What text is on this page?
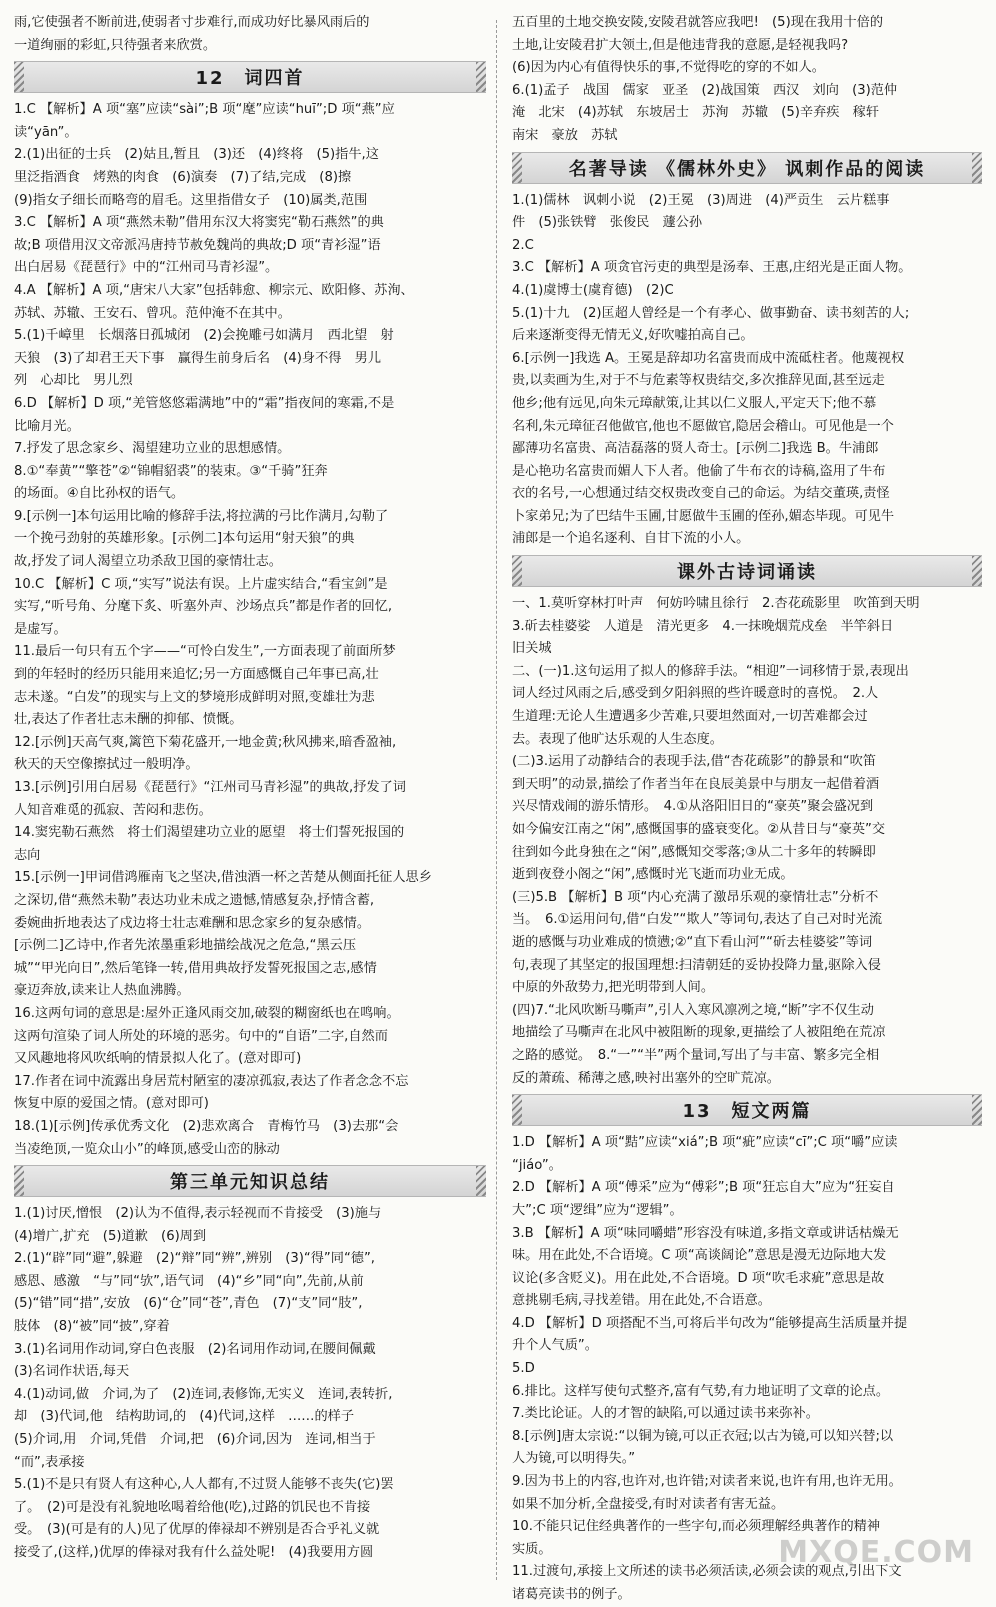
雨,它使强者不断前进,使弱者寸步难行,而成功好比暴风雨后的

一道绚丽的彩虹,只待强者来欣赏。

12　词四首

1.C 【解析】A 项“塞”应读“sài”;B 项“麾”应读“huī”;D 项“燕”应

读“yān”。

2.(1)出征的士兵　(2)姑且,暂且　(3)还　(4)终将　(5)指牛,这

里泛指酒食　烤熟的肉食　(6)演奏　(7)了结,完成　(8)擦

(9)指女子细长而略弯的眉毛。这里指借女子　(10)属类,范围

3.C 【解析】A 项“燕然未勒”借用东汉大将窦宪“勒石燕然”的典

故;B 项借用汉文帝派冯唐持节赦免魏尚的典故;D 项“青衫湿”语

出白居易《琵琶行》中的“江州司马青衫湿”。

4.A 【解析】A 项,“唐宋八大家”包括韩愈、柳宗元、欧阳修、苏洵、

苏轼、苏辙、王安石、曾巩。范仲淹不在其中。

5.(1)千嶂里　长烟落日孤城闭　(2)会挽雕弓如满月　西北望　射

天狼　(3)了却君王天下事　赢得生前身后名　(4)身不得　男儿

列　心却比　男儿烈

6.D 【解析】D 项,“羌管悠悠霜满地”中的“霜”指夜间的寒霜,不是

比喻月光。

7.抒发了思念家乡、渴望建功立业的思想感情。

8.①“奉黄”“擎苍”②“锦帽貂裘”的装束。③“千骑”狂奔

的场面。④自比孙权的语气。

9.[示例一]本句运用比喻的修辞手法,将拉满的弓比作满月,勾勒了

一个挽弓劲射的英雄形象。[示例二]本句运用“射天狼”的典

故,抒发了词人渴望立功杀敌卫国的豪情壮志。

10.C 【解析】C 项,“实写”说法有误。上片虚实结合,“看宝剑”是

实写,“听号角、分麾下炙、听塞外声、沙场点兵”都是作者的回忆,

是虚写。

11.最后一句只有五个字——“可怜白发生”,一方面表现了前面所梦

到的年轻时的经历只能用来追忆;另一方面感慨自己年事已高,壮

志未遂。“白发”的现实与上文的梦境形成鲜明对照,变雄壮为悲

壮,表达了作者壮志未酬的抑郁、愤慨。

12.[示例]天高气爽,篱笆下菊花盛开,一地金黄;秋风拂来,暗香盈袖,

秋天的天空像擦拭过一般明净。

13.[示例]引用白居易《琵琶行》“江州司马青衫湿”的典故,抒发了词

人知音难觅的孤寂、苦闷和悲伤。

14.窦宪勒石燕然　将士们渴望建功立业的愿望　将士们誓死报国的

志向

15.[示例一]甲词借鸿雁南飞之坚决,借浊酒一杯之苦楚从侧面托征人思乡

之深切,借“燕然未勒”表达功业未成之遗憾,情感复杂,抒情含蓄,

委婉曲折地表达了戍边将士壮志难酬和思念家乡的复杂感情。

[示例二]乙诗中,作者先浓墨重彩地描绘战况之危急,“黑云压

城”“甲光向日”,然后笔锋一转,借用典故抒发誓死报国之志,感情

豪迈奔放,读来让人热血沸腾。

16.这两句词的意思是:屋外正逢风雨交加,破裂的糊窗纸也在鸣响。

这两句渲染了词人所处的环境的恶劣。句中的“自语”二字,自然而

又风趣地将风吹纸响的情景拟人化了。(意对即可)

17.作者在词中流露出身居荒村陋室的凄凉孤寂,表达了作者念念不忘

恢复中原的爱国之情。(意对即可)

18.(1)[示例]传承优秀文化　(2)悲欢离合　青梅竹马　(3)去那“会

当凌绝顶,一览众山小”的峰顶,感受山峦的脉动

第三单元知识总结

1.(1)讨厌,憎恨　(2)认为不值得,表示轻视而不肯接受　(3)施与

(4)增广,扩充　(5)道歉　(6)周到

2.(1)“辟”同“避”,躲避　(2)“辩”同“辨”,辨别　(3)“得”同“德”,

感恩、感激　“与”同“欤”,语气词　(4)“乡”同“向”,先前,从前

(5)“错”同“措”,安放　(6)“仓”同“苍”,青色　(7)“支”同“肢”,

肢体　(8)“被”同“披”,穿着

3.(1)名词用作动词,穿白色丧服　(2)名词用作动词,在腰间佩戴

(3)名词作状语,每天

4.(1)动词,做　介词,为了　(2)连词,表修饰,无实义　连词,表转折,

却　(3)代词,他　结构助词,的　(4)代词,这样　……的样子

(5)介词,用　介词,凭借　介词,把　(6)介词,因为　连词,相当于

“而”,表承接

5.(1)不是只有贤人有这种心,人人都有,不过贤人能够不丧失(它)罢

了。　(2)可是没有礼貌地吆喝着给他(吃),过路的饥民也不肯接

受。　(3)(可是有的人)见了优厚的俸禄却不辨别是否合乎礼义就

接受了,(这样,)优厚的俸禄对我有什么益处呢!　(4)我要用方圆

五百里的土地交换安陵,安陵君就答应我吧!　(5)现在我用十倍的

土地,让安陵君扩大领土,但是他违背我的意愿,是轻视我吗?

(6)因为内心有值得快乐的事,不觉得吃的穿的不如人。

6.(1)孟子　战国　儒家　亚圣　(2)战国策　西汉　刘向　(3)范仲

淹　北宋　(4)苏轼　东坡居士　苏洵　苏辙　(5)辛弃疾　稼轩

南宋　豪放　苏轼

名著导读 《儒林外史》 讽刺作品的阅读

1.(1)儒林　讽刺小说　(2)王冕　(3)周进　(4)严贡生　云片糕事

件　(5)张铁臂　张俊民　蘧公孙

2.C

3.C 【解析】A 项贪官污吏的典型是汤奉、王惠,庄绍光是正面人物。

4.(1)虞博士(虞育德)　(2)C

5.(1)十九　(2)匡超人曾经是一个有孝心、做事勤奋、读书刻苦的人;

后来逐渐变得无情无义,好吹嘘拍高自己。

6.[示例一]我选 A。王冕是辞却功名富贵而成中流砥柱者。他蔑视权

贵,以卖画为生,对于不与危素等权贵结交,多次推辞见面,甚至远走

他乡;他有远见,向朱元璋献策,让其以仁义服人,平定天下;他不慕

名利,朱元璋征召他做官,他也不愿做官,隐居会稽山。可见他是一个

鄙薄功名富贵、高洁磊落的贤人奇士。[示例二]我选 B。牛浦郎

是心艳功名富贵而媚人下人者。他偷了牛布衣的诗稿,盗用了牛布

衣的名号,一心想通过结交权贵改变自己的命运。为结交董瑛,责怪

卜家弟兄;为了巴结牛玉圃,甘愿做牛玉圃的侄孙,媚态毕现。可见牛

浦郎是一个追名逐利、自甘下流的小人。

课外古诗词诵读

一、1.莫听穿林打叶声　何妨吟啸且徐行　2.杏花疏影里　吹笛到天明

3.斫去桂婆娑　人道是　清光更多　4.一抹晚烟荒戍垒　半竿斜日

旧关城

二、(一)1.这句运用了拟人的修辞手法。“相迎”一词移情于景,表现出

词人经过风雨之后,感受到夕阳斜照的些许暖意时的喜悦。　2.人

生道理:无论人生遭遇多少苦难,只要坦然面对,一切苦难都会过

去。表现了他旷达乐观的人生态度。

(二)3.运用了动静结合的表现手法,借“杏花疏影”的静景和“吹笛

到天明”的动景,描绘了作者当年在良辰美景中与朋友一起借着酒

兴尽情戏闹的游乐情形。　4.①从洛阳旧日的“豪英”聚会盛况到

如今偏安江南之“闲”,感慨国事的盛衰变化。②从昔日与“豪英”交

往到如今此身独在之“闲”,感慨知交零落;③从二十多年的转瞬即

逝到夜登小阁之“闲”,感慨时光飞逝而功业无成。

(三)5.B 【解析】B 项“内心充满了激昂乐观的豪情壮志”分析不

当。　6.①运用问句,借“白发”“欺人”等词句,表达了自己对时光流

逝的感慨与功业难成的愤懑;②“直下看山河”“斫去桂婆娑”等词

句,表现了其坚定的报国理想:扫清朝廷的妥协投降力量,驱除入侵

中原的外敌势力,把光明带到人间。

(四)7.“北风吹断马嘶声”,引人入寒风凛冽之境,“断”字不仅生动

地描绘了马嘶声在北风中被阻断的现象,更描绘了人被阻绝在荒凉

之路的感觉。　8.“一”“半”两个量词,写出了与丰富、繁多完全相

反的萧疏、稀薄之感,映衬出塞外的空旷荒凉。

13　短文两篇

1.D 【解析】A 项“黠”应读“xiá”;B 项“疵”应读“cī”;C 项“嚼”应读

“jiáo”。

2.D 【解析】A 项“傅采”应为“傅彩”;B 项“狂忘自大”应为“狂妄自

大”;C 项“逻缉”应为“逻辑”。

3.B 【解析】A 项“味同嚼蜡”形容没有味道,多指文章或讲话枯燥无

味。用在此处,不合语境。C 项“高谈阔论”意思是漫无边际地大发

议论(多含贬义)。用在此处,不合语境。D 项“吹毛求疵”意思是故

意挑剔毛病,寻找差错。用在此处,不合语意。

4.D 【解析】D 项搭配不当,可将后半句改为“能够提高生活质量并提

升个人气质”。

5.D

6.排比。这样写使句式整齐,富有气势,有力地证明了文章的论点。

7.类比论证。人的才智的缺陷,可以通过读书来弥补。

8.[示例]唐太宗说:“以铜为镜,可以正衣冠;以古为镜,可以知兴替;以

人为镜,可以明得失。”

9.因为书上的内容,也许对,也许错;对读者来说,也许有用,也许无用。

如果不加分析,全盘接受,有时对读者有害无益。

10.不能只记住经典著作的一些字句,而必须理解经典著作的精神

实质。

11.过渡句,承接上文所述的读书必须活读,必须会读的观点,引出下文

诸葛亮读书的例子。

MXQE.COM
